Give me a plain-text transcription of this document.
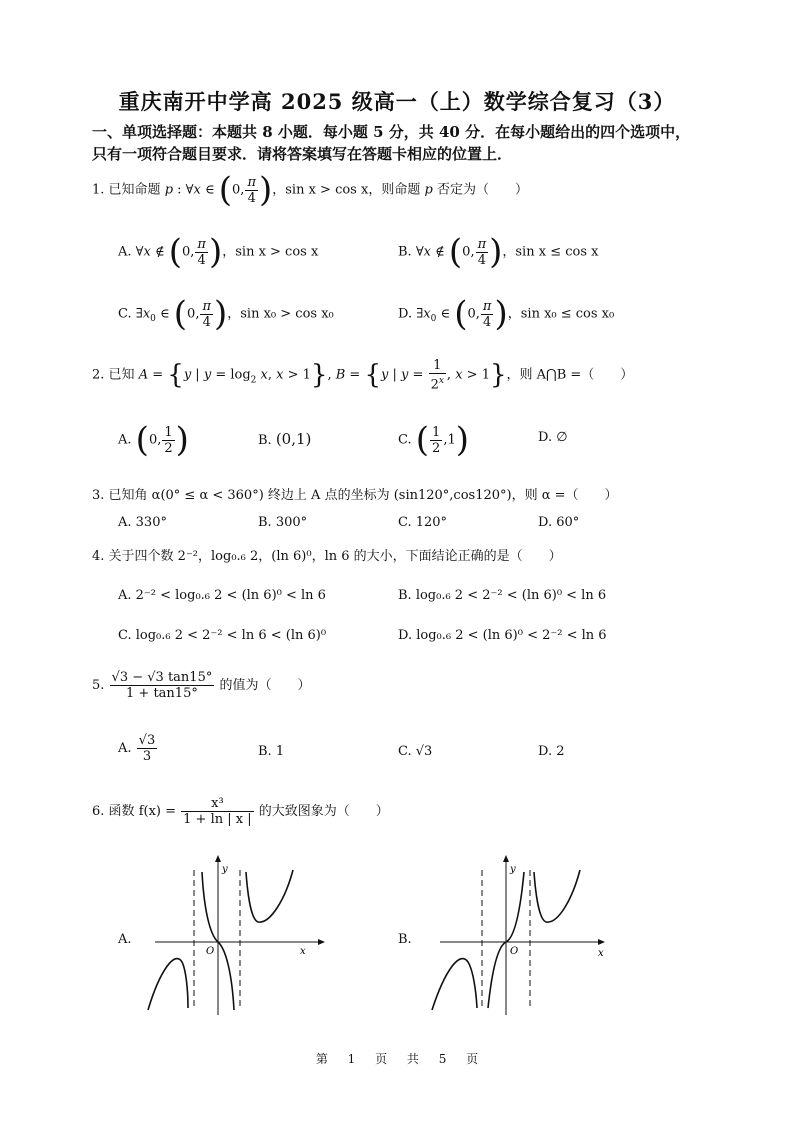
重庆南开中学高 2025 级高一（上）数学综合复习（3）
一、单项选择题：本题共 8 小题．每小题 5 分，共 40 分．在每小题给出的四个选项中，
只有一项符合题目要求．请将答案填写在答题卡相应的位置上．
1. 已知命题 p : ∀x ∈ (0, $\frac{\pi}{4}$ )，sin x > cos x，则命题 p 否定为（　　）
A. ∀x ∉ (0, $\frac{\pi}{4}$ )，sin x > cos x	B. ∀x ∉ (0, $\frac{\pi}{4}$ )，sin x ≤ cos x
C. $\exists x_0$ ∈ (0, $\frac{\pi}{4}$ )，sin x₀ > cos x₀	D. $\exists x_0$ ∈ (0, $\frac{\pi}{4}$ )，sin x₀ ≤ cos x₀
2. 已知 A = {y | $y = \log_2 x$, x > 1}, B = {y | $y = \frac{1}{2^x}$ , x > 1}，则 A⋂B =（　　）
A. (0, $\frac{1}{2}$ )	B. (0,1)	C. ( $\frac{1}{2} ,1$)	D. ∅
3. 已知角 α(0° ≤ α < 360°) 终边上 A 点的坐标为 (sin120°,cos120°)，则 α =（　　）
A. 330°	B. 300°	C. 120°	D. 60°
4. 关于四个数 2⁻²，log₀.₆ 2，(ln 6)⁰，ln 6 的大小，下面结论正确的是（　　）
A. 2⁻² < log₀.₆ 2 < (ln 6)⁰ < ln 6	B. log₀.₆ 2 < 2⁻² < (ln 6)⁰ < ln 6
C. log₀.₆ 2 < 2⁻² < ln 6 < (ln 6)⁰	D. log₀.₆ 2 < (ln 6)⁰ < 2⁻² < ln 6
5. $\frac{√3 - √3 \tan 15^\circ}{1 + \tan 15^\circ}$ 的值为（　　）
A. $\frac{√3}{3}$	B. 1	C. √3	D. 2
6. 函数 $f(x) = \frac{\text{x³}}{1 + \ln | x |}$ 的大致图象为（　　）
A.	B.
y
x
O
y
x
O
第 1 页 共 5 页
